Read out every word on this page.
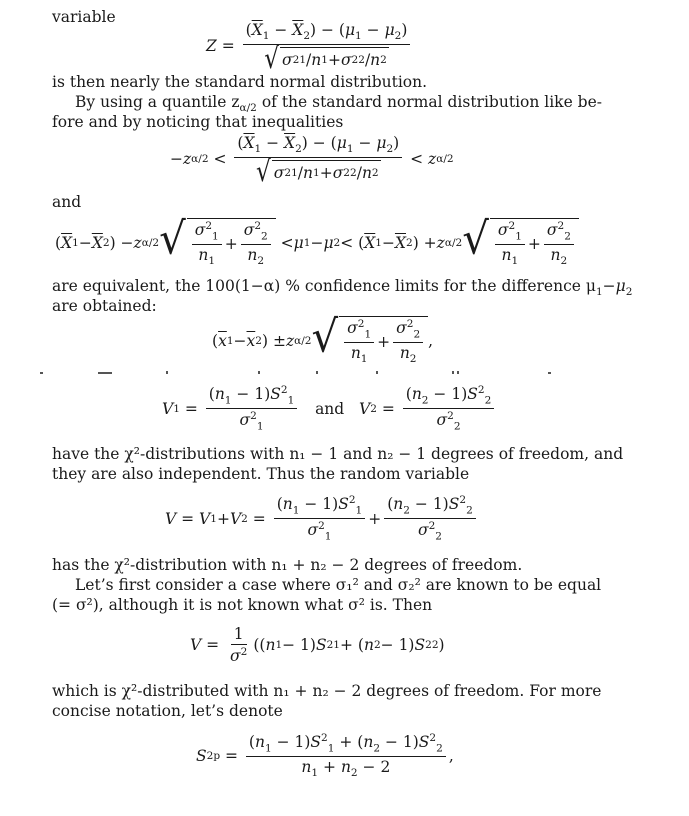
variable
$Z = \frac{(\overline{X}_1 - \overline{X}_2) - (\mu_1 - \mu_2)}{√ \sigma 2 1 / n 1 + \sigma 2 2 / n 2}$
is then nearly the standard normal distribution.
By using a quantile $z_{\alpha/2}$ of the standard normal distribution like be-
fore and by noticing that inequalities
− z $\alpha/2 < \frac{(\overline{X}_1 - \overline{X}_2) - (\mu_1 - \mu_2)}{√ \sigma 2 1 / n 1 + \sigma 2 2 / n 2} < z$ α/2
and
( $\overline{X}$ $1 - \overline{X}$ 2 ) − z α/2 √ $\frac{\sigma^2_1}{n_1} + \frac{\sigma^2_2}{n_2} < \mu$ 1 − μ 2 < ( $\overline{X}$ $1 - \overline{X}$ 2 ) + z α/2 √ $\frac{\sigma^2_1}{n_1} + \frac{\sigma^2_2}{n_2}$
are equivalent, the 100(1−α) % confidence limits for the difference $\mu_1-\mu_2$
are obtained:
( $\overline{x}$ $1 - \overline{x}$ 2 ) ± z α/2 √ $\frac{\sigma^2_1}{n_1} + \frac{\sigma^2_2}{n_2}$ ,
V $1 = \frac{(n_1 - 1)S^2_1}{\sigma^2_1}$
and
V $2 = \frac{(n_2 - 1)S^2_2}{\sigma^2_2}$
have the χ²-distributions with n₁ − 1 and n₂ − 1 degrees of freedom, and
they are also independent. Thus the random variable
V = V 1 + V $2 = \frac{(n_1 - 1)S^2_1}{\sigma^2_1} + \frac{(n_2 - 1)S^2_2}{\sigma^2_2}$
has the χ²-distribution with n₁ + n₂ − 2 degrees of freedom.
Let’s first consider a case where σ₁² and σ₂² are known to be equal
(= σ²), although it is not known what σ² is. Then
$V = \frac{1}{\sigma^2}$ (( n 1 − 1) S 2 1 + ( n 2 − 1) S 2 2 )
which is χ²-distributed with n₁ + n₂ − 2 degrees of freedom. For more
concise notation, let’s denote
S 2 $p = \frac{(n_1 - 1)S^2_1 + (n_2 - 1)S^2_2}{n_1 + n_2 - 2}$ ,
